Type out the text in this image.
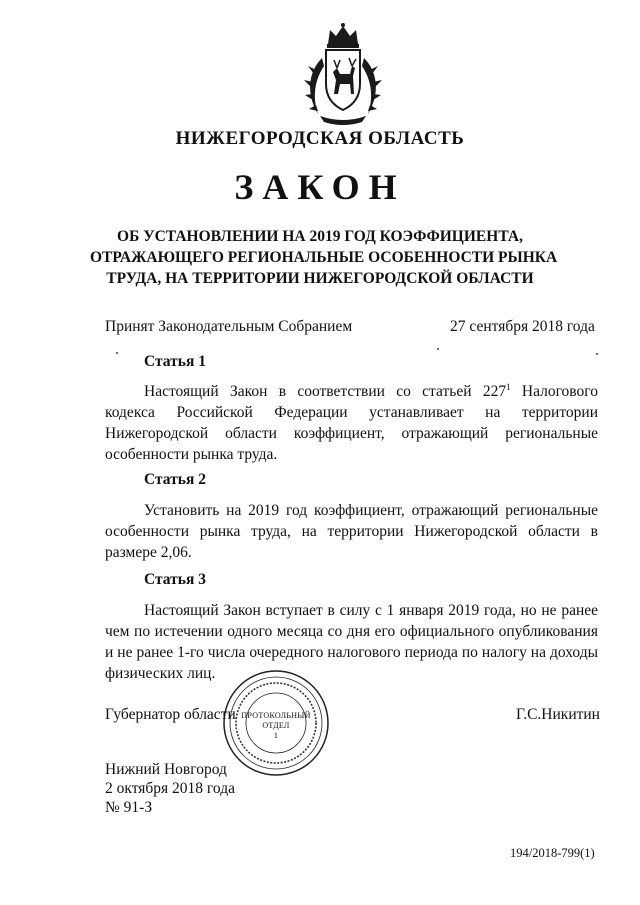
НИЖЕГОРОДСКАЯ ОБЛАСТЬ
ЗАКОН
ОБ УСТАНОВЛЕНИИ НА 2019 ГОД КОЭФФИЦИЕНТА,
ОТРАЖАЮЩЕГО РЕГИОНАЛЬНЫЕ ОСОБЕННОСТИ РЫНКА
ТРУДА, НА ТЕРРИТОРИИ НИЖЕГОРОДСКОЙ ОБЛАСТИ
Принят Законодательным Собранием	27 сентября 2018 года
Статья 1

Настоящий Закон в соответствии со статьей $227^1$ Налогового кодекса Российской Федерации устанавливает на территории Нижегородской области коэффициент, отражающий региональные особенности рынка труда.

Статья 2

Установить на 2019 год коэффициент, отражающий региональные особенности рынка труда, на территории Нижегородской области в размере 2,06.

Статья 3

Настоящий Закон вступает в силу с 1 января 2019 года, но не ранее чем по истечении одного месяца со дня его официального опубликования и не ранее 1-го числа очередного налогового периода по налогу на доходы физических лиц.

ПРОТОКОЛЬНЫЙ
ОТДЕЛ
1
Губернатор области	Г.С.Никитин
Нижний Новгород
2 октября 2018 года
№ 91-З
194/2018-799(1)
